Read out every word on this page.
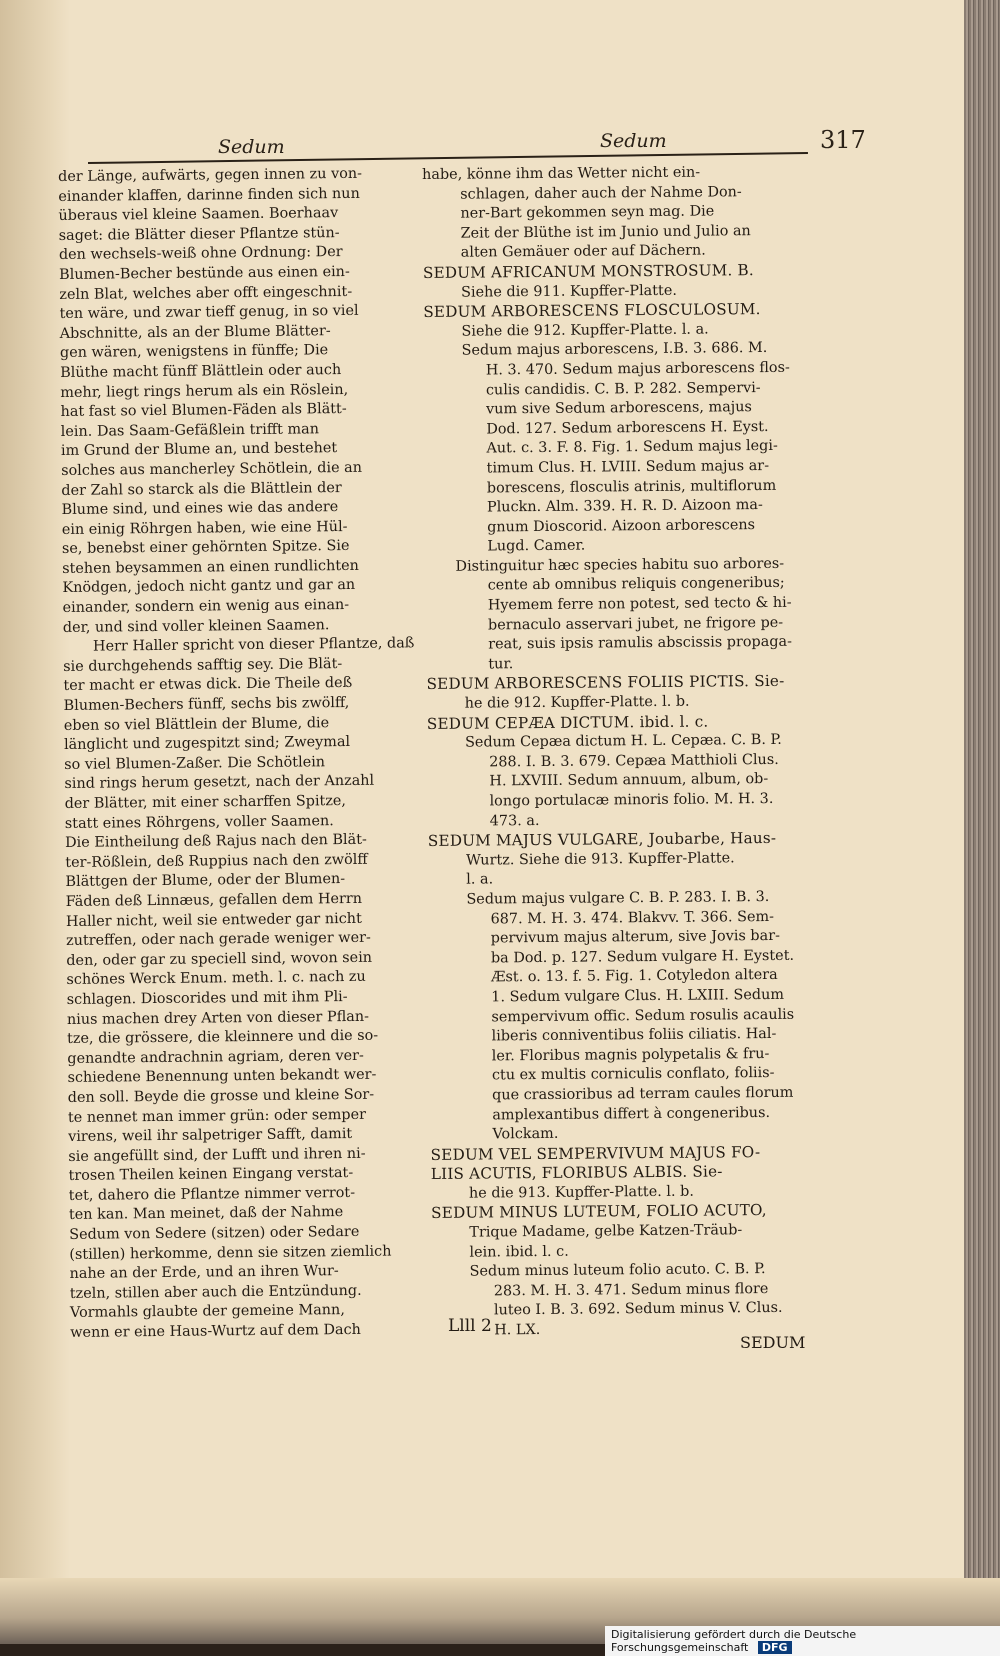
Sedum	Sedum	317
der Länge, aufwärts, gegen innen zu von-
einander klaffen, darinne finden sich nun
überaus viel kleine Saamen. Boerhaav
saget: die Blätter dieser Pflantze stün-
den wechsels-weiß ohne Ordnung: Der
Blumen-Becher bestünde aus einen ein-
zeln Blat, welches aber offt eingeschnit-
ten wäre, und zwar tieff genug, in so viel
Abschnitte, als an der Blume Blätter-
gen wären, wenigstens in fünffe; Die
Blüthe macht fünff Blättlein oder auch
mehr, liegt rings herum als ein Röslein,
hat fast so viel Blumen-Fäden als Blätt-
lein. Das Saam-Gefäßlein trifft man
im Grund der Blume an, und bestehet
solches aus mancherley Schötlein, die an
der Zahl so starck als die Blättlein der
Blume sind, und eines wie das andere
ein einig Röhrgen haben, wie eine Hül-
se, benebst einer gehörnten Spitze. Sie
stehen beysammen an einen rundlichten
Knödgen, jedoch nicht gantz und gar an
einander, sondern ein wenig aus einan-
der, und sind voller kleinen Saamen.
Herr Haller spricht von dieser Pflantze, daß
sie durchgehends safftig sey. Die Blät-
ter macht er etwas dick. Die Theile deß
Blumen-Bechers fünff, sechs bis zwölff,
eben so viel Blättlein der Blume, die
länglicht und zugespitzt sind; Zweymal
so viel Blumen-Zaßer. Die Schötlein
sind rings herum gesetzt, nach der Anzahl
der Blätter, mit einer scharffen Spitze,
statt eines Röhrgens, voller Saamen.
Die Eintheilung deß Rajus nach den Blät-
ter-Rößlein, deß Ruppius nach den zwölff
Blättgen der Blume, oder der Blumen-
Fäden deß Linnæus, gefallen dem Herrn
Haller nicht, weil sie entweder gar nicht
zutreffen, oder nach gerade weniger wer-
den, oder gar zu speciell sind, wovon sein
schönes Werck Enum. meth. l. c. nach zu
schlagen. Dioscorides und mit ihm Pli-
nius machen drey Arten von dieser Pflan-
tze, die grössere, die kleinnere und die so-
genandte andrachnin agriam, deren ver-
schiedene Benennung unten bekandt wer-
den soll. Beyde die grosse und kleine Sor-
te nennet man immer grün: oder semper
virens, weil ihr salpetriger Safft, damit
sie angefüllt sind, der Lufft und ihren ni-
trosen Theilen keinen Eingang verstat-
tet, dahero die Pflantze nimmer verrot-
ten kan. Man meinet, daß der Nahme
Sedum von Sedere (sitzen) oder Sedare
(stillen) herkomme, denn sie sitzen ziemlich
nahe an der Erde, und an ihren Wur-
tzeln, stillen aber auch die Entzündung.
Vormahls glaubte der gemeine Mann,
wenn er eine Haus-Wurtz auf dem Dach
habe, könne ihm das Wetter nicht ein-
schlagen, daher auch der Nahme Don-
ner-Bart gekommen seyn mag. Die
Zeit der Blüthe ist im Junio und Julio an
alten Gemäuer oder auf Dächern.
SEDUM AFRICANUM MONSTROSUM. B.
Siehe die 911. Kupffer-Platte.
SEDUM ARBORESCENS FLOSCULOSUM.
Siehe die 912. Kupffer-Platte. l. a.
Sedum majus arborescens, I.B. 3. 686. M.
H. 3. 470. Sedum majus arborescens flos-
culis candidis. C. B. P. 282. Sempervi-
vum sive Sedum arborescens, majus
Dod. 127. Sedum arborescens H. Eyst.
Aut. c. 3. F. 8. Fig. 1. Sedum majus legi-
timum Clus. H. LVIII. Sedum majus ar-
borescens, flosculis atrinis, multiflorum
Pluckn. Alm. 339. H. R. D. Aizoon ma-
gnum Dioscorid. Aizoon arborescens
Lugd. Camer.
Distinguitur hæc species habitu suo arbores-
cente ab omnibus reliquis congeneribus;
Hyemem ferre non potest, sed tecto & hi-
bernaculo asservari jubet, ne frigore pe-
reat, suis ipsis ramulis abscissis propaga-
tur.
SEDUM ARBORESCENS FOLIIS PICTIS. Sie-
he die 912. Kupffer-Platte. l. b.
SEDUM CEPÆA DICTUM. ibid. l. c.
Sedum Cepæa dictum H. L. Cepæa. C. B. P.
288. I. B. 3. 679. Cepæa Matthioli Clus.
H. LXVIII. Sedum annuum, album, ob-
longo portulacæ minoris folio. M. H. 3.
473. a.
SEDUM MAJUS VULGARE, Joubarbe, Haus-
Wurtz. Siehe die 913. Kupffer-Platte.
l. a.
Sedum majus vulgare C. B. P. 283. I. B. 3.
687. M. H. 3. 474. Blakvv. T. 366. Sem-
pervivum majus alterum, sive Jovis bar-
ba Dod. p. 127. Sedum vulgare H. Eystet.
Æst. o. 13. f. 5. Fig. 1. Cotyledon altera
1. Sedum vulgare Clus. H. LXIII. Sedum
sempervivum offic. Sedum rosulis acaulis
liberis conniventibus foliis ciliatis. Hal-
ler. Floribus magnis polypetalis & fru-
ctu ex multis corniculis conflato, foliis-
que crassioribus ad terram caules florum
amplexantibus differt à congeneribus.
Volckam.
SEDUM VEL SEMPERVIVUM MAJUS FO-
LIIS ACUTIS, FLORIBUS ALBIS. Sie-
he die 913. Kupffer-Platte. l. b.
SEDUM MINUS LUTEUM, FOLIO ACUTO,
Trique Madame, gelbe Katzen-Träub-
lein. ibid. l. c.
Sedum minus luteum folio acuto. C. B. P.
283. M. H. 3. 471. Sedum minus flore
luteo I. B. 3. 692. Sedum minus V. Clus.
H. LX.
Llll 2
SEDUM
Digitalisierung gefördert durch die Deutsche Forschungsgemeinschaft DFG
